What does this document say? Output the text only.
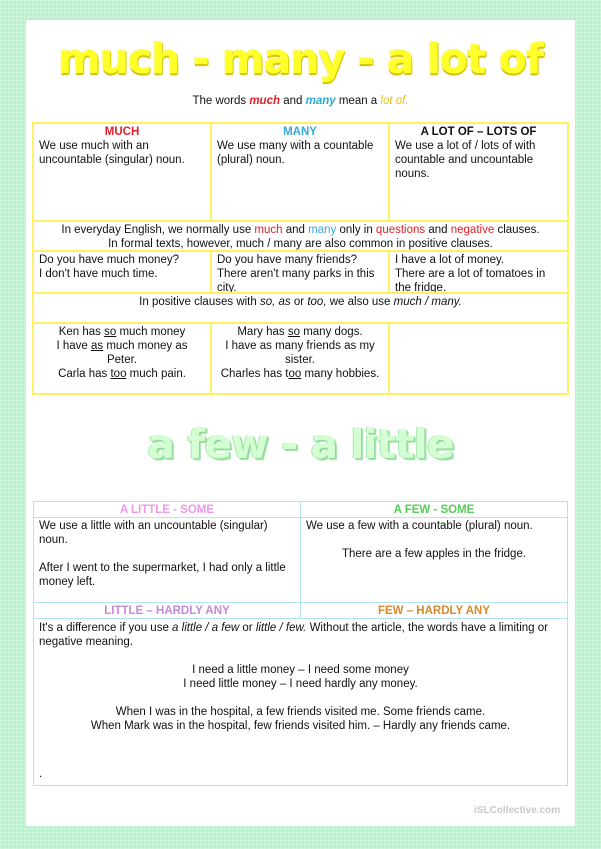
much - many - a lot of
The words much and many mean a lot of.
MUCH
We use much with an uncountable (singular) noun.
MANY
We use many with a countable (plural) noun.
A LOT OF – LOTS OF
We use a lot of / lots of with countable and uncountable nouns.
In everyday English, we normally use much and many only in questions and negative clauses.
In formal texts, however, much / many are also common in positive clauses.
Do you have much money?
I don't have much time.
Do you have many friends?
There aren't many parks in this city.
I have a lot of money.
There are a lot of tomatoes in the fridge.
In positive clauses with so, as or too, we also use much / many.
Ken has so much money
I have as much money as Peter.
Carla has too much pain.
Mary has so many dogs.
I have as many friends as my sister.
Charles has too many hobbies.
a few - a little
A LITTLE - SOME	A FEW - SOME
We use a little with an uncountable (singular) noun.
After I went to the supermarket, I had only a little money left.
We use a few with a countable (plural) noun.
There are a few apples in the fridge.
LITTLE – HARDLY ANY	FEW – HARDLY ANY
It's a difference if you use a little / a few or little / few. Without the article, the words have a limiting or negative meaning.
I need a little money – I need some money
I need little money – I need hardly any money.
When I was in the hospital, a few friends visited me. Some friends came.
When Mark was in the hospital, few friends visited him. – Hardly any friends came.
.
iSLCollective.com
